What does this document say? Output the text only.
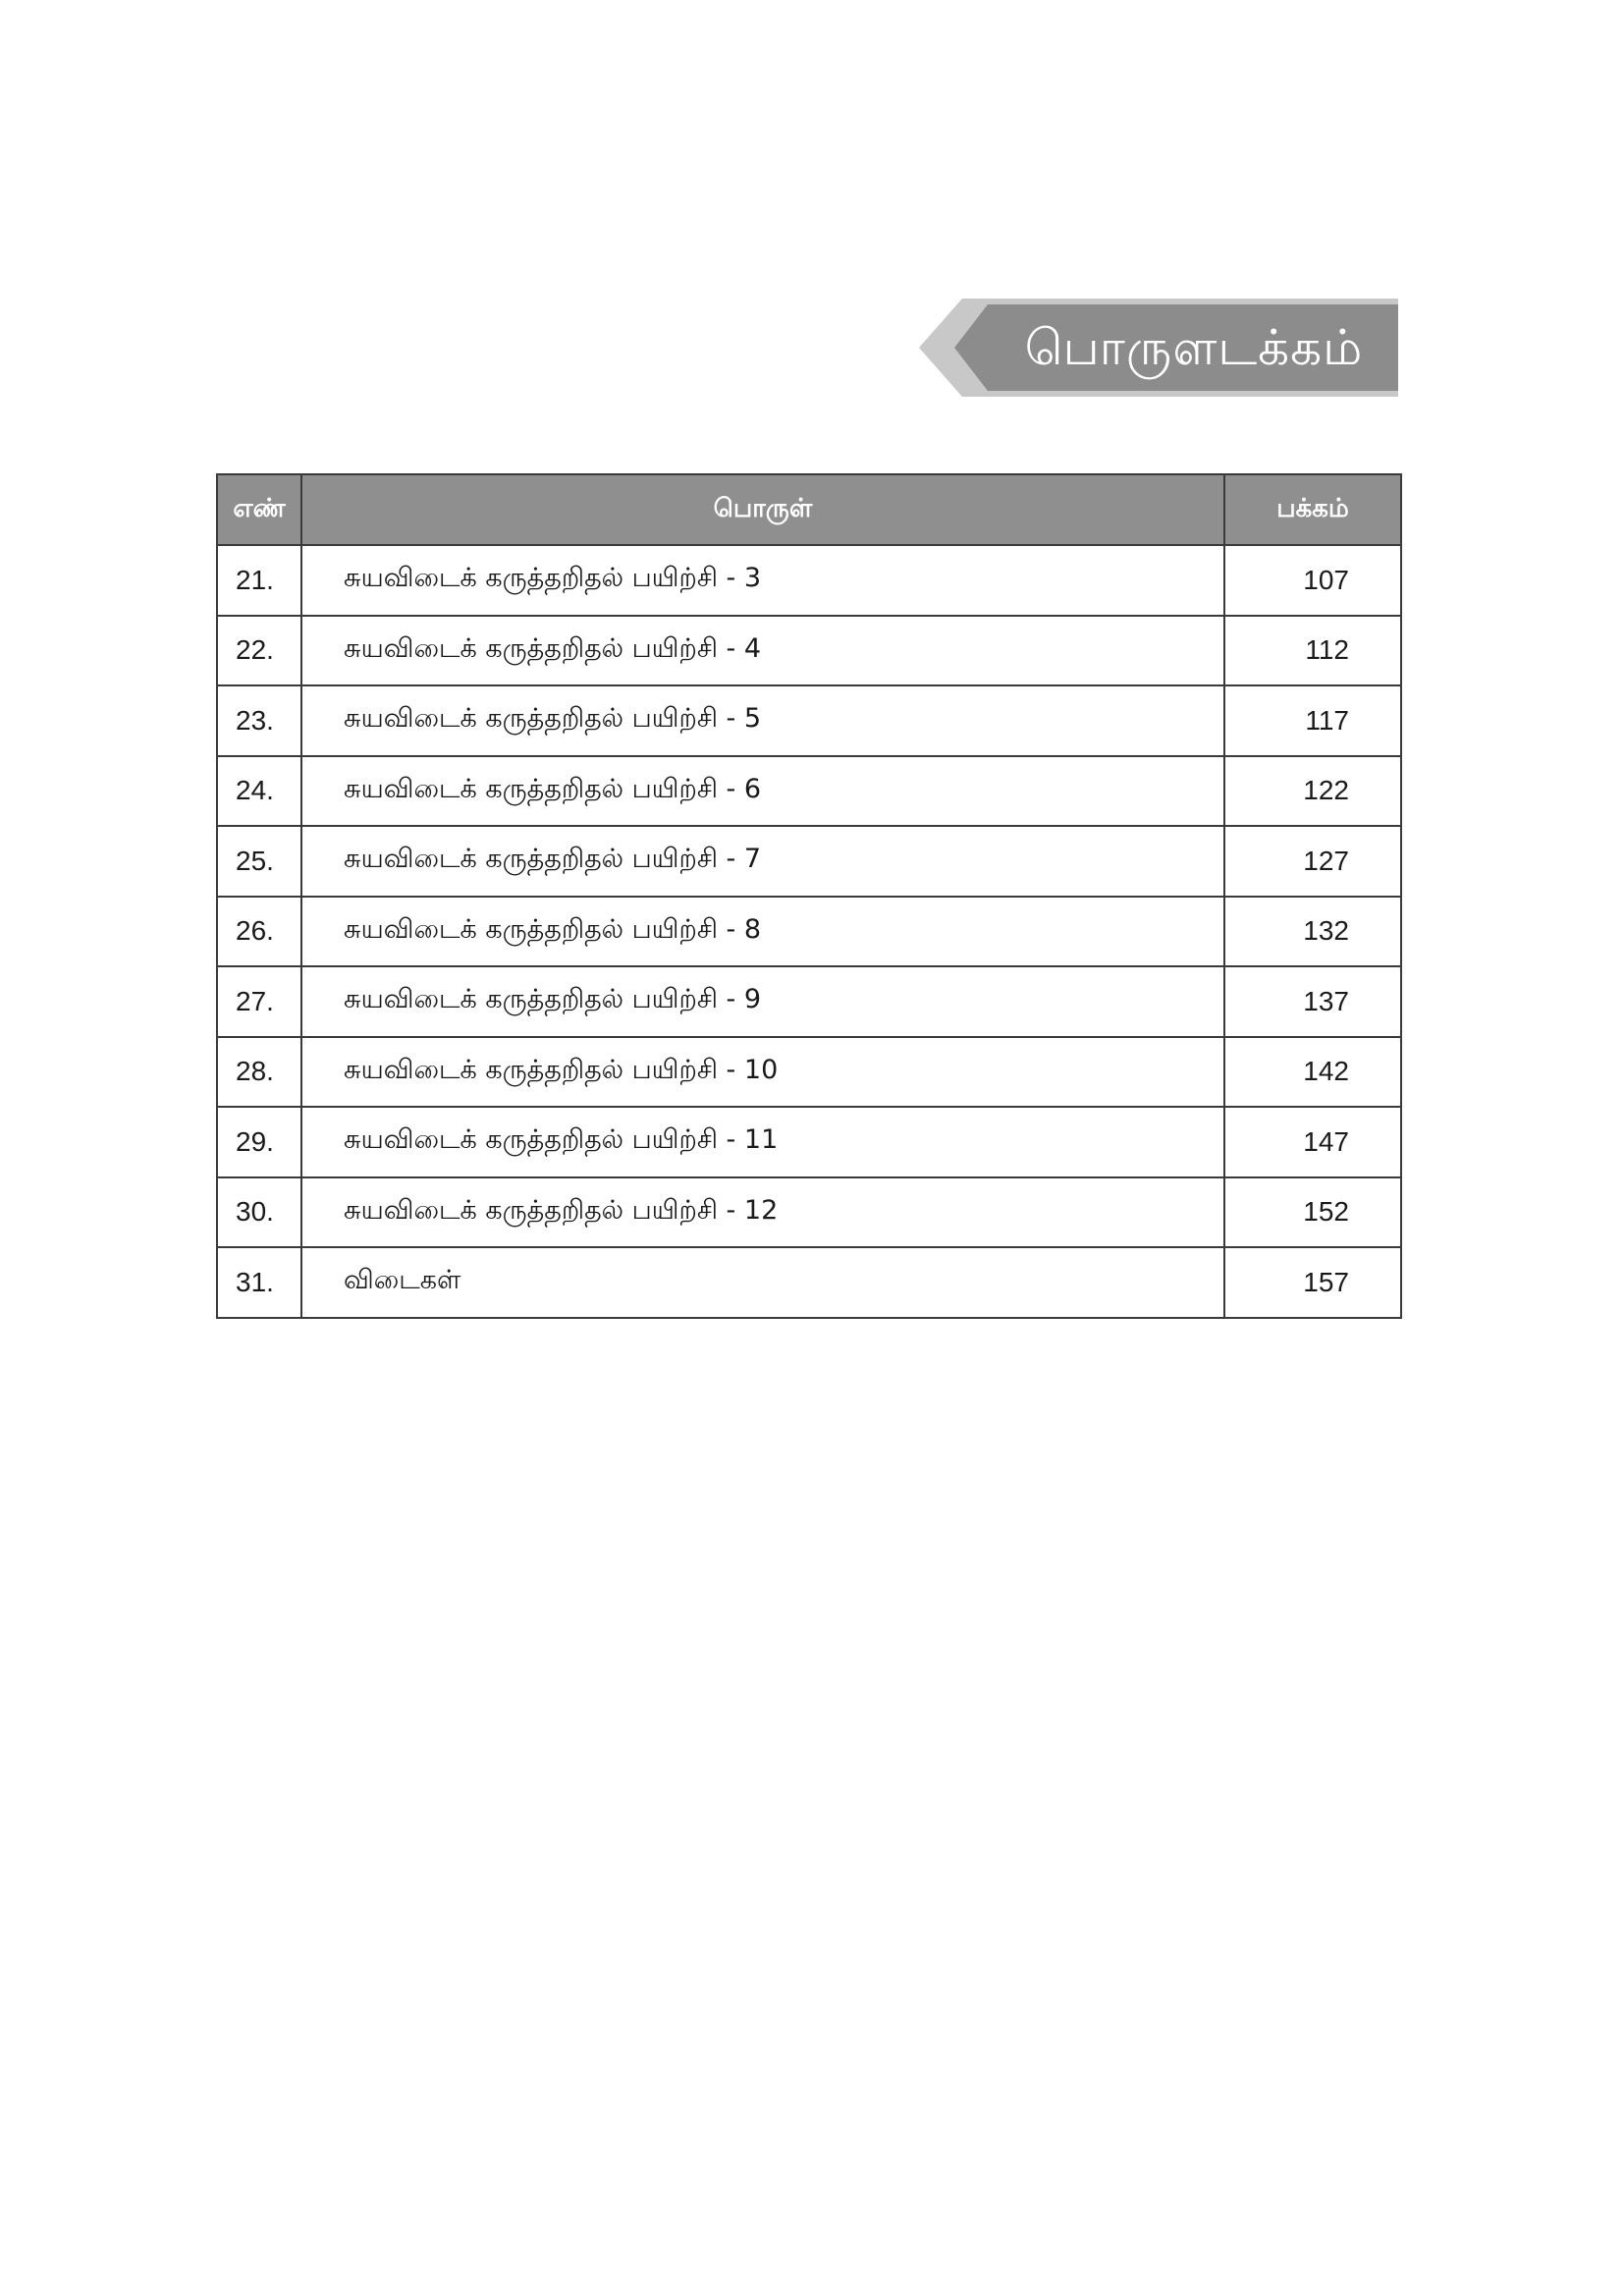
பொருளடக்கம்
எண்	பொருள்	பக்கம்
21.	சுயவிடைக் கருத்தறிதல் பயிற்சி - 3	107
22.	சுயவிடைக் கருத்தறிதல் பயிற்சி - 4	112
23.	சுயவிடைக் கருத்தறிதல் பயிற்சி - 5	117
24.	சுயவிடைக் கருத்தறிதல் பயிற்சி - 6	122
25.	சுயவிடைக் கருத்தறிதல் பயிற்சி - 7	127
26.	சுயவிடைக் கருத்தறிதல் பயிற்சி - 8	132
27.	சுயவிடைக் கருத்தறிதல் பயிற்சி - 9	137
28.	சுயவிடைக் கருத்தறிதல் பயிற்சி - 10	142
29.	சுயவிடைக் கருத்தறிதல் பயிற்சி - 11	147
30.	சுயவிடைக் கருத்தறிதல் பயிற்சி - 12	152
31.	விடைகள்	157
